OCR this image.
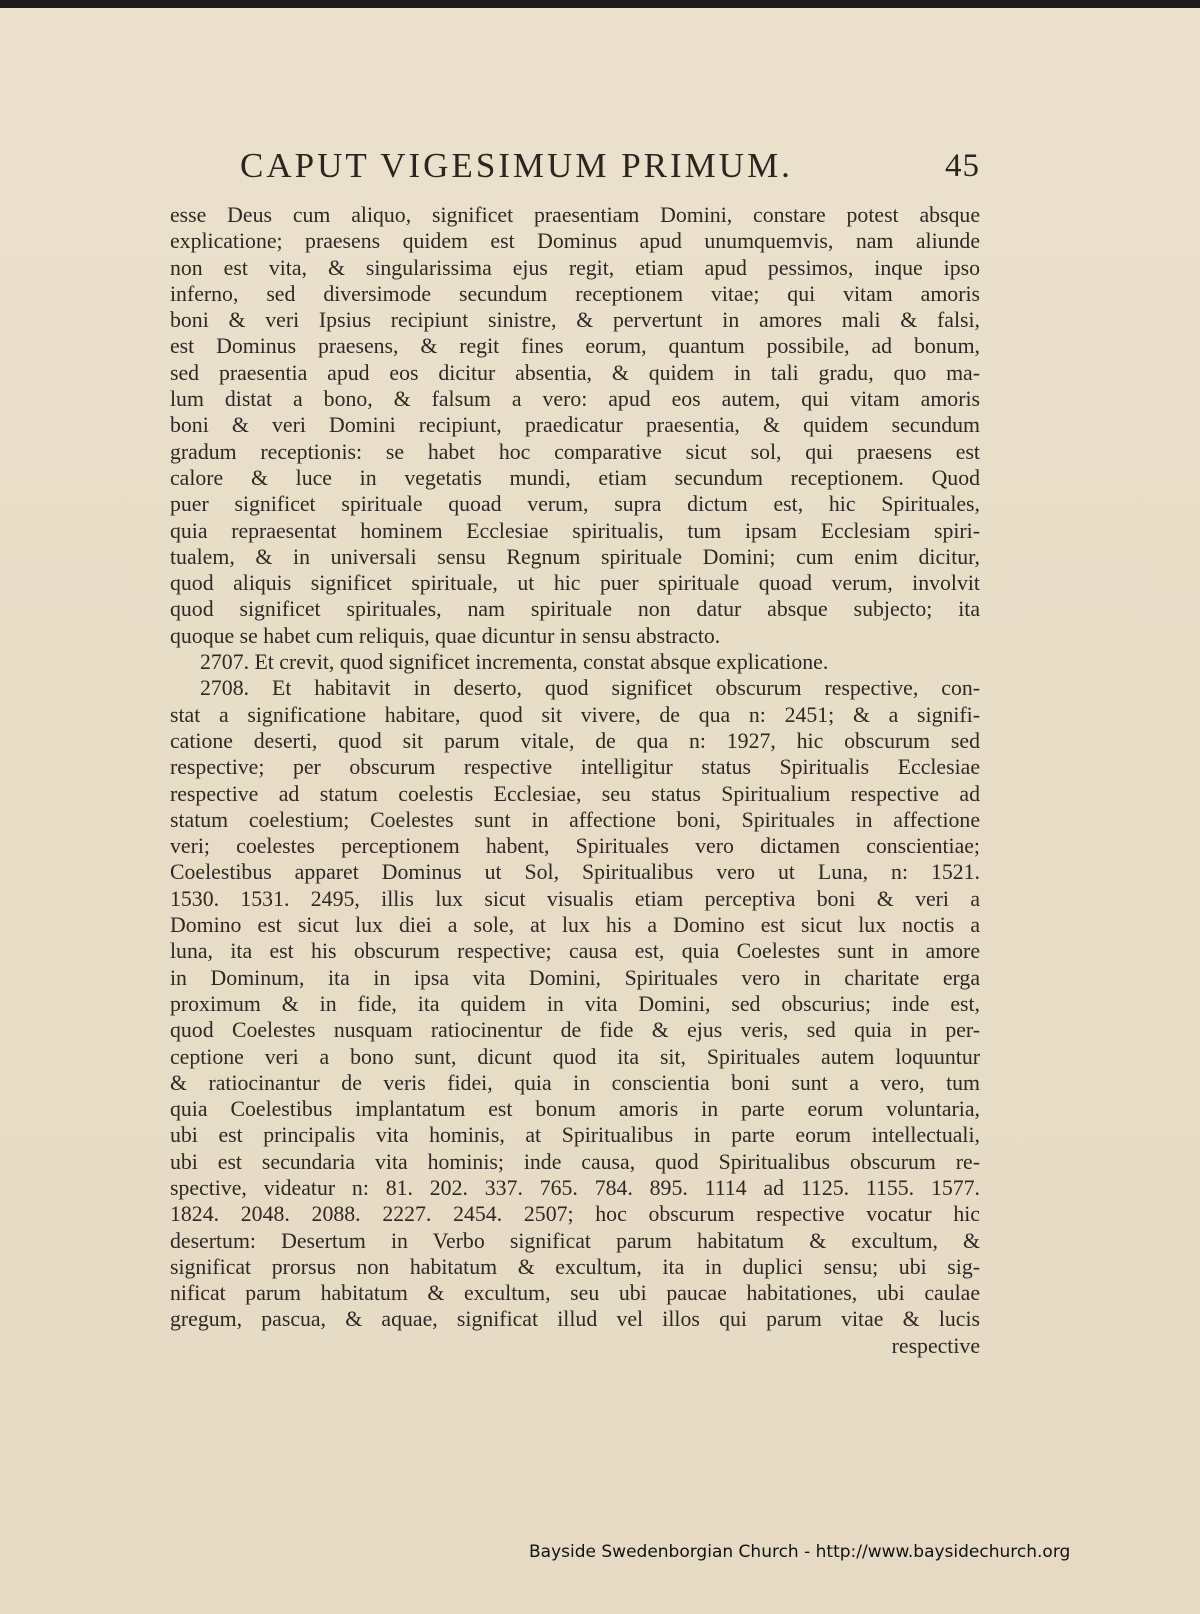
CAPUT VIGESIMUM PRIMUM.	45
esse Deus cum aliquo, significet praesentiam Domini, constare potest absque
explicatione; praesens quidem est Dominus apud unumquemvis, nam aliunde
non est vita, & singularissima ejus regit, etiam apud pessimos, inque ipso
inferno, sed diversimode secundum receptionem vitae; qui vitam amoris
boni & veri Ipsius recipiunt sinistre, & pervertunt in amores mali & falsi,
est Dominus praesens, & regit fines eorum, quantum possibile, ad bonum,
sed praesentia apud eos dicitur absentia, & quidem in tali gradu, quo ma-
lum distat a bono, & falsum a vero: apud eos autem, qui vitam amoris
boni & veri Domini recipiunt, praedicatur praesentia, & quidem secundum
gradum receptionis: se habet hoc comparative sicut sol, qui praesens est
calore & luce in vegetatis mundi, etiam secundum receptionem. Quod
puer significet spirituale quoad verum, supra dictum est, hic Spirituales,
quia repraesentat hominem Ecclesiae spiritualis, tum ipsam Ecclesiam spiri-
tualem, & in universali sensu Regnum spirituale Domini; cum enim dicitur,
quod aliquis significet spirituale, ut hic puer spirituale quoad verum, involvit
quod significet spirituales, nam spirituale non datur absque subjecto; ita
quoque se habet cum reliquis, quae dicuntur in sensu abstracto.
2707. Et crevit, quod significet incrementa, constat absque explicatione.
2708. Et habitavit in deserto, quod significet obscurum respective, con-
stat a significatione habitare, quod sit vivere, de qua n: 2451; & a signifi-
catione deserti, quod sit parum vitale, de qua n: 1927, hic obscurum sed
respective; per obscurum respective intelligitur status Spiritualis Ecclesiae
respective ad statum coelestis Ecclesiae, seu status Spiritualium respective ad
statum coelestium; Coelestes sunt in affectione boni, Spirituales in affectione
veri; coelestes perceptionem habent, Spirituales vero dictamen conscientiae;
Coelestibus apparet Dominus ut Sol, Spiritualibus vero ut Luna, n: 1521.
1530. 1531. 2495, illis lux sicut visualis etiam perceptiva boni & veri a
Domino est sicut lux diei a sole, at lux his a Domino est sicut lux noctis a
luna, ita est his obscurum respective; causa est, quia Coelestes sunt in amore
in Dominum, ita in ipsa vita Domini, Spirituales vero in charitate erga
proximum & in fide, ita quidem in vita Domini, sed obscurius; inde est,
quod Coelestes nusquam ratiocinentur de fide & ejus veris, sed quia in per-
ceptione veri a bono sunt, dicunt quod ita sit, Spirituales autem loquuntur
& ratiocinantur de veris fidei, quia in conscientia boni sunt a vero, tum
quia Coelestibus implantatum est bonum amoris in parte eorum voluntaria,
ubi est principalis vita hominis, at Spiritualibus in parte eorum intellectuali,
ubi est secundaria vita hominis; inde causa, quod Spiritualibus obscurum re-
spective, videatur n: 81. 202. 337. 765. 784. 895. 1114 ad 1125. 1155. 1577.
1824. 2048. 2088. 2227. 2454. 2507; hoc obscurum respective vocatur hic
desertum: Desertum in Verbo significat parum habitatum & excultum, &
significat prorsus non habitatum & excultum, ita in duplici sensu; ubi sig-
nificat parum habitatum & excultum, seu ubi paucae habitationes, ubi caulae
gregum, pascua, & aquae, significat illud vel illos qui parum vitae & lucis
respective
Bayside Swedenborgian Church - http://www.baysidechurch.org
